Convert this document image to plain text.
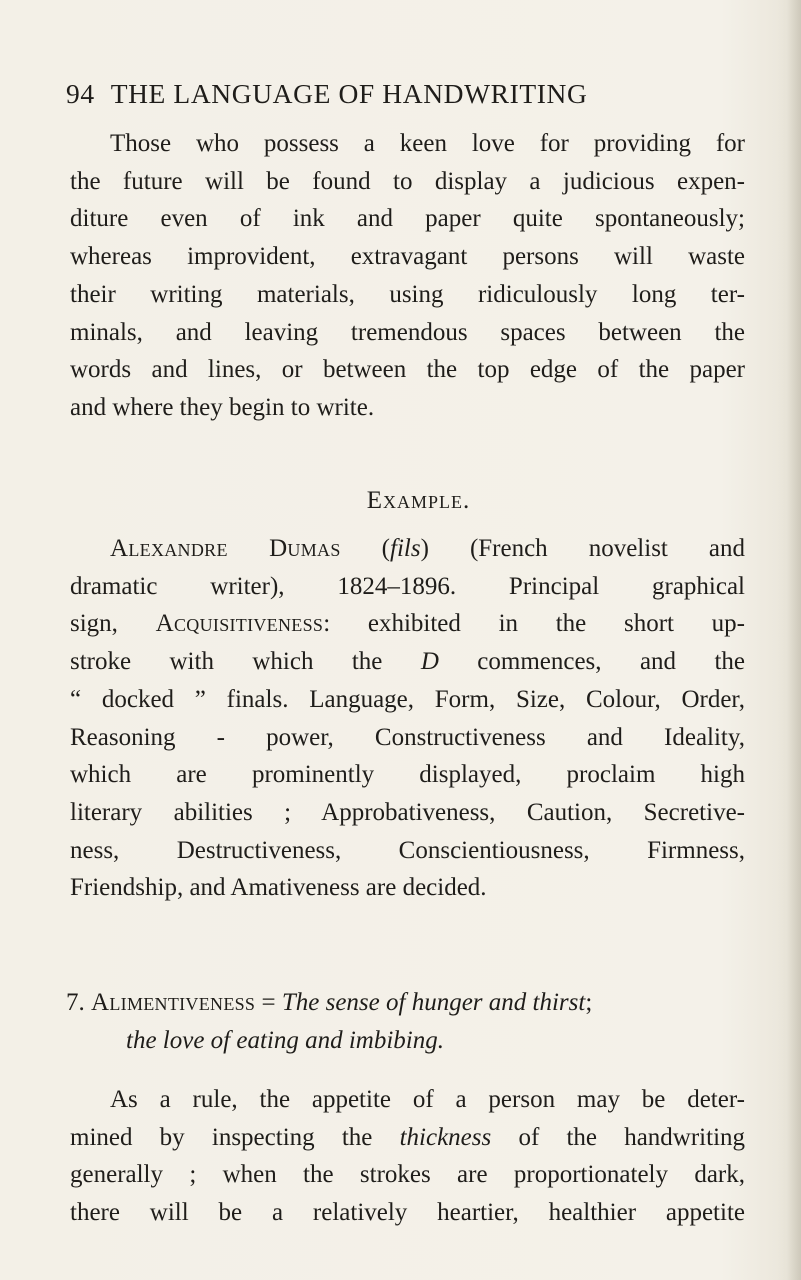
94 THE LANGUAGE OF HANDWRITING
Those who possess a keen love for providing for
the future will be found to display a judicious expen-
diture even of ink and paper quite spontaneously;
whereas improvident, extravagant persons will waste
their writing materials, using ridiculously long ter-
minals, and leaving tremendous spaces between the
words and lines, or between the top edge of the paper
and where they begin to write.
Example.
Alexandre Dumas (fils) (French novelist and
dramatic writer), 1824–1896. Principal graphical
sign, Acquisitiveness: exhibited in the short up-
stroke with which the D commences, and the
“ docked ” finals. Language, Form, Size, Colour, Order,
Reasoning - power, Constructiveness and Ideality,
which are prominently displayed, proclaim high
literary abilities ; Approbativeness, Caution, Secretive-
ness, Destructiveness, Conscientiousness, Firmness,
Friendship, and Amativeness are decided.
7. Alimentiveness = The sense of hunger and thirst;
the love of eating and imbibing.
As a rule, the appetite of a person may be deter-
mined by inspecting the thickness of the handwriting
generally ; when the strokes are proportionately dark,
there will be a relatively heartier, healthier appetite
